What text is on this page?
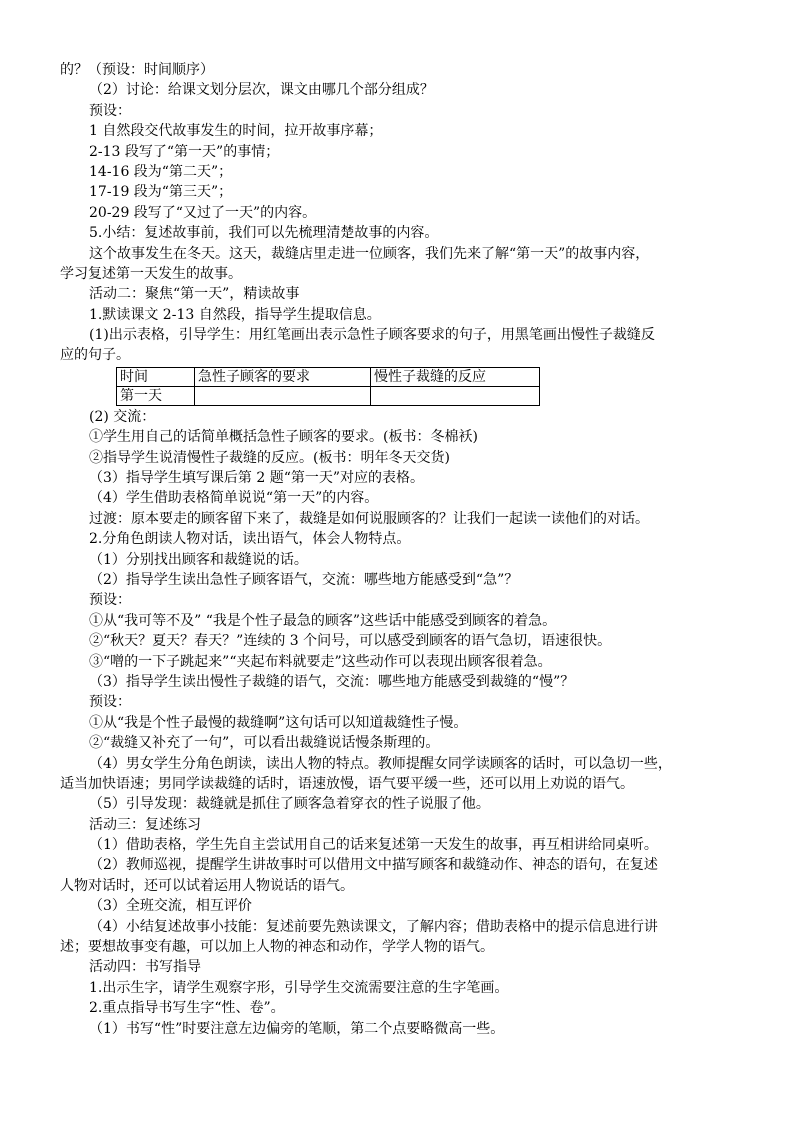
的？（预设：时间顺序）
（2）讨论：给课文划分层次，课文由哪几个部分组成？
预设：
1 自然段交代故事发生的时间，拉开故事序幕；
2-13 段写了“第一天”的事情；
14-16 段为“第二天”；
17-19 段为“第三天”；
20-29 段写了“又过了一天”的内容。
5.小结：复述故事前，我们可以先梳理清楚故事的内容。
这个故事发生在冬天。这天，裁缝店里走进一位顾客，我们先来了解“第一天”的故事内容，
学习复述第一天发生的故事。
活动二：聚焦“第一天”，精读故事
1.默读课文 2-13 自然段，指导学生提取信息。
(1)出示表格，引导学生：用红笔画出表示急性子顾客要求的句子，用黑笔画出慢性子裁缝反
应的句子。
时间	急性子顾客的要求	慢性子裁缝的反应
第一天		
(2) 交流：
①学生用自己的话简单概括急性子顾客的要求。(板书：冬棉袄)
②指导学生说清慢性子裁缝的反应。(板书：明年冬天交货)
（3）指导学生填写课后第 2 题“第一天”对应的表格。
（4）学生借助表格简单说说“第一天”的内容。
过渡：原本要走的顾客留下来了，裁缝是如何说服顾客的？让我们一起读一读他们的对话。
2.分角色朗读人物对话，读出语气，体会人物特点。
（1）分别找出顾客和裁缝说的话。
（2）指导学生读出急性子顾客语气，交流：哪些地方能感受到“急”？
预设：
①从“我可等不及” “我是个性子最急的顾客”这些话中能感受到顾客的着急。
②“秋天？夏天？春天？”连续的 3 个问号，可以感受到顾客的语气急切，语速很快。
③“噌的一下子跳起来”“夹起布料就要走”这些动作可以表现出顾客很着急。
（3）指导学生读出慢性子裁缝的语气，交流：哪些地方能感受到裁缝的“慢”？
预设：
①从“我是个性子最慢的裁缝啊”这句话可以知道裁缝性子慢。
②“裁缝又补充了一句”，可以看出裁缝说话慢条斯理的。
（4）男女学生分角色朗读，读出人物的特点。教师提醒女同学读顾客的话时，可以急切一些，
适当加快语速；男同学读裁缝的话时，语速放慢，语气要平缓一些，还可以用上劝说的语气。
（5）引导发现：裁缝就是抓住了顾客急着穿衣的性子说服了他。
活动三：复述练习
（1）借助表格，学生先自主尝试用自己的话来复述第一天发生的故事，再互相讲给同桌听。
（2）教师巡视，提醒学生讲故事时可以借用文中描写顾客和裁缝动作、神态的语句，在复述
人物对话时，还可以试着运用人物说话的语气。
（3）全班交流，相互评价
（4）小结复述故事小技能：复述前要先熟读课文，了解内容；借助表格中的提示信息进行讲
述；要想故事变有趣，可以加上人物的神态和动作，学学人物的语气。
活动四：书写指导
1.出示生字，请学生观察字形，引导学生交流需要注意的生字笔画。
2.重点指导书写生字“性、卷”。
（1）书写“性”时要注意左边偏旁的笔顺，第二个点要略微高一些。
